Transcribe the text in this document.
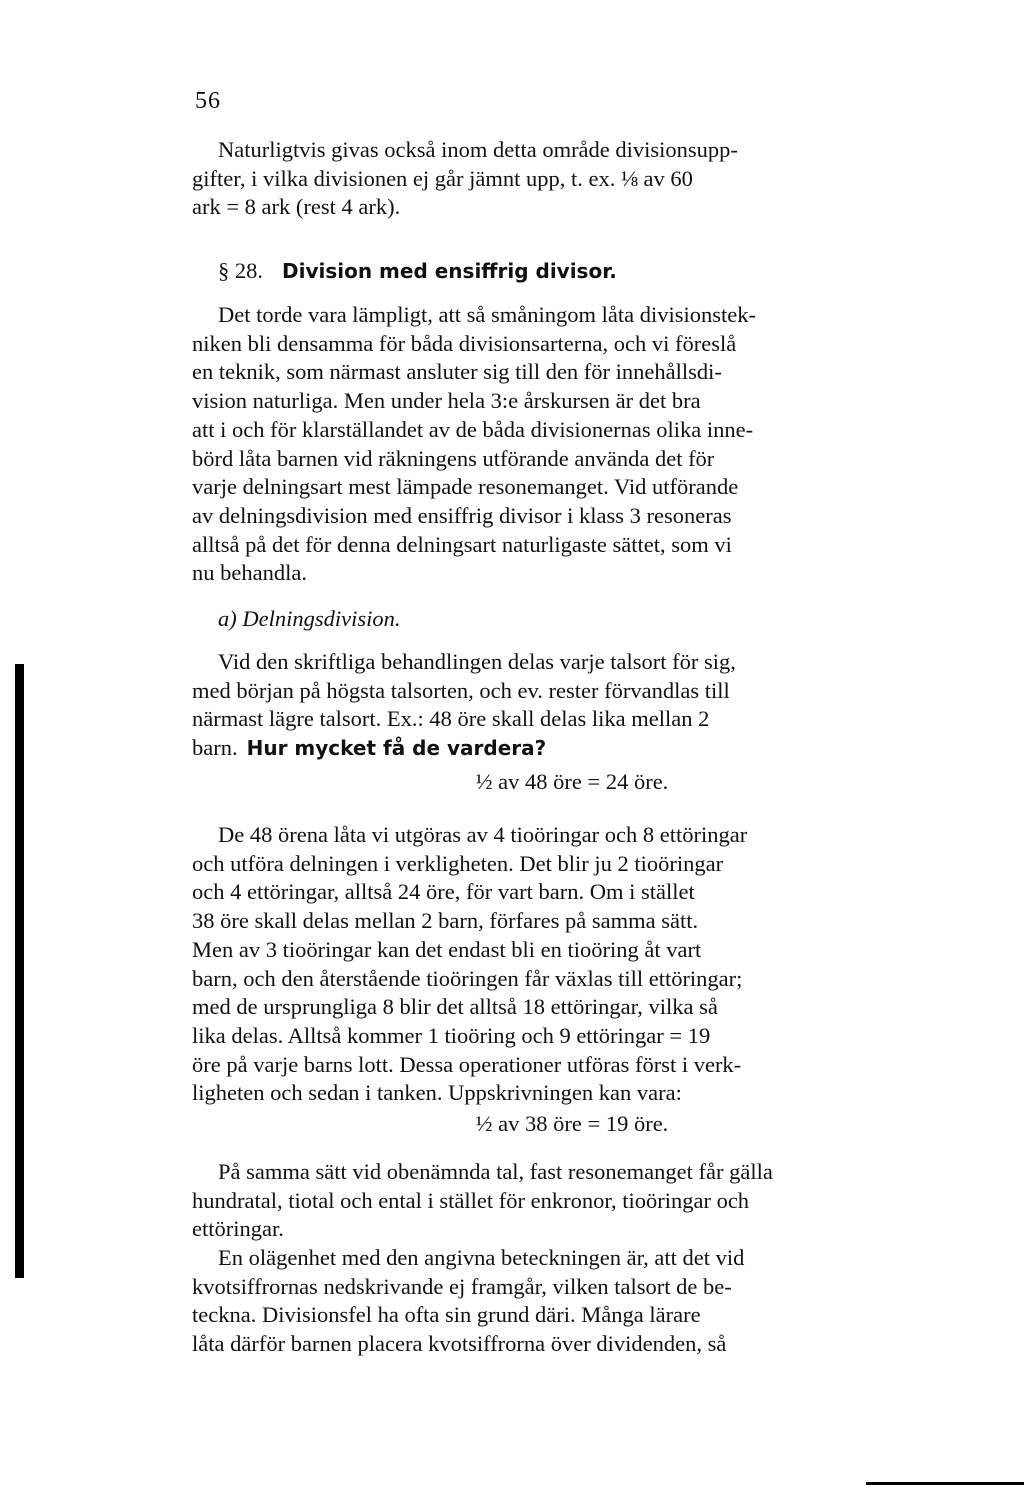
56
Naturligtvis givas också inom detta område divisionsupp-
gifter, i vilka divisionen ej går jämnt upp, t. ex. ⅛ av 60
ark = 8 ark (rest 4 ark).
§ 28. Division med ensiffrig divisor.
Det torde vara lämpligt, att så småningom låta divisionstek-
niken bli densamma för båda divisionsarterna, och vi föreslå
en teknik, som närmast ansluter sig till den för innehållsdi-
vision naturliga. Men under hela 3:e årskursen är det bra
att i och för klarställandet av de båda divisionernas olika inne-
börd låta barnen vid räkningens utförande använda det för
varje delningsart mest lämpade resonemanget. Vid utförande
av delningsdivision med ensiffrig divisor i klass 3 resoneras
alltså på det för denna delningsart naturligaste sättet, som vi
nu behandla.
a) Delningsdivision.
Vid den skriftliga behandlingen delas varje talsort för sig,
med början på högsta talsorten, och ev. rester förvandlas till
närmast lägre talsort. Ex.: 48 öre skall delas lika mellan 2
barn. Hur mycket få de vardera?
½ av 48 öre = 24 öre.
De 48 örena låta vi utgöras av 4 tioöringar och 8 ettöringar
och utföra delningen i verkligheten. Det blir ju 2 tioöringar
och 4 ettöringar, alltså 24 öre, för vart barn. Om i stället
38 öre skall delas mellan 2 barn, förfares på samma sätt.
Men av 3 tioöringar kan det endast bli en tioöring åt vart
barn, och den återstående tioöringen får växlas till ettöringar;
med de ursprungliga 8 blir det alltså 18 ettöringar, vilka så
lika delas. Alltså kommer 1 tioöring och 9 ettöringar = 19
öre på varje barns lott. Dessa operationer utföras först i verk-
ligheten och sedan i tanken. Uppskrivningen kan vara:
½ av 38 öre = 19 öre.
På samma sätt vid obenämnda tal, fast resonemanget får gälla
hundratal, tiotal och ental i stället för enkronor, tioöringar och
ettöringar.
En olägenhet med den angivna beteckningen är, att det vid
kvotsiffrornas nedskrivande ej framgår, vilken talsort de be-
teckna. Divisionsfel ha ofta sin grund däri. Många lärare
låta därför barnen placera kvotsiffrorna över dividenden, så
